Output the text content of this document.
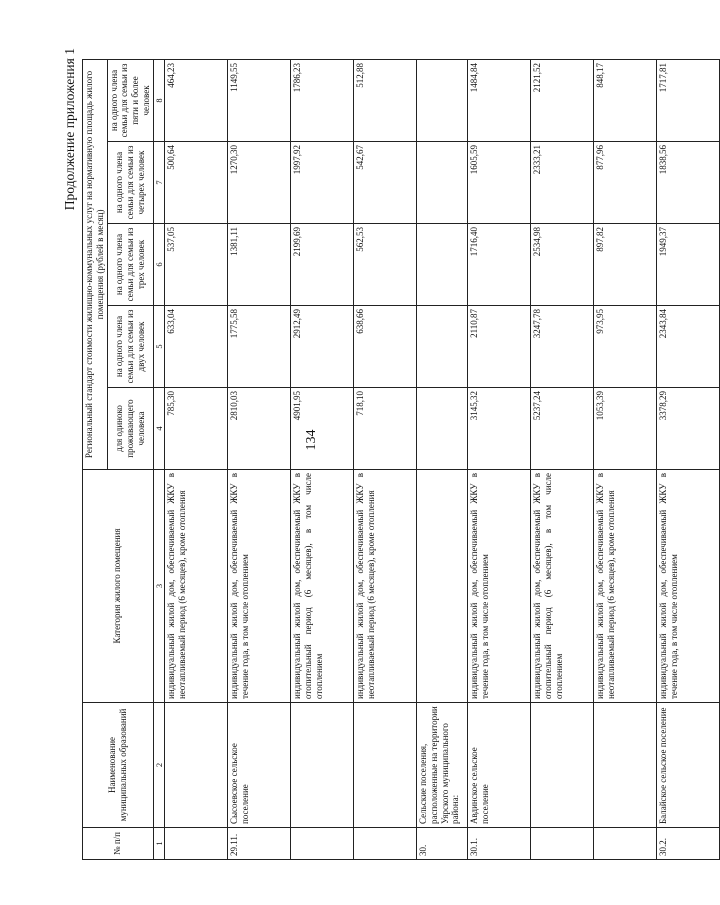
134
Продолжение приложения 1
№ п/п	Наименование муниципальных образований	Категория жилого помещения	Региональный стандарт стоимости жилищно-коммунальных услуг на нормативную площадь жилого помещения (рублей в месяц)				
			для одиноко проживающего человека	на одного члена семьи для семьи из двух человек	на одного члена семьи для семьи из трех человек	на одного члена семьи для семьи из четырех человек	на одного члена семьи для семьи из пяти и более человек
1	2	3	4	5	6	7	8
		индивидуальный жилой дом, обеспечиваемый ЖКУ в неотапливаемый период (6 месяцев), кроме отопления	785,30	633,04	537,05	500,64	464,23
29.11.	Сысоевское сельское поселение	индивидуальный жилой дом, обеспечиваемый ЖКУ в течение года, в том числе отоплением	2810,03	1775,58	1381,11	1270,30	1149,55
		индивидуальный жилой дом, обеспечиваемый ЖКУ в отопительный период (6 месяцев), в том числе отоплением	4901,95	2912,49	2199,69	1997,92	1786,23
		индивидуальный жилой дом, обеспечиваемый ЖКУ в неотапливаемый период (6 месяцев), кроме отопления	718,10	638,66	562,53	542,67	512,88
30.	Сельские поселения, расположенные на территории Уярского муниципального района:						
30.1.	Авдинское сельское поселение	индивидуальный жилой дом, обеспечиваемый ЖКУ в течение года, в том числе отоплением	3145,32	2110,87	1716,40	1605,59	1484,84
		индивидуальный жилой дом, обеспечиваемый ЖКУ в отопительный период (6 месяцев), в том числе отоплением	5237,24	3247,78	2534,98	2333,21	2121,52
		индивидуальный жилой дом, обеспечиваемый ЖКУ в неотапливаемый период (6 месяцев), кроме отопления	1053,39	973,95	897,82	877,96	848,17
30.2.	Балайское сельское поселение	индивидуальный жилой дом, обеспечиваемый ЖКУ в течение года, в том числе отоплением	3378,29	2343,84	1949,37	1838,56	1717,81
